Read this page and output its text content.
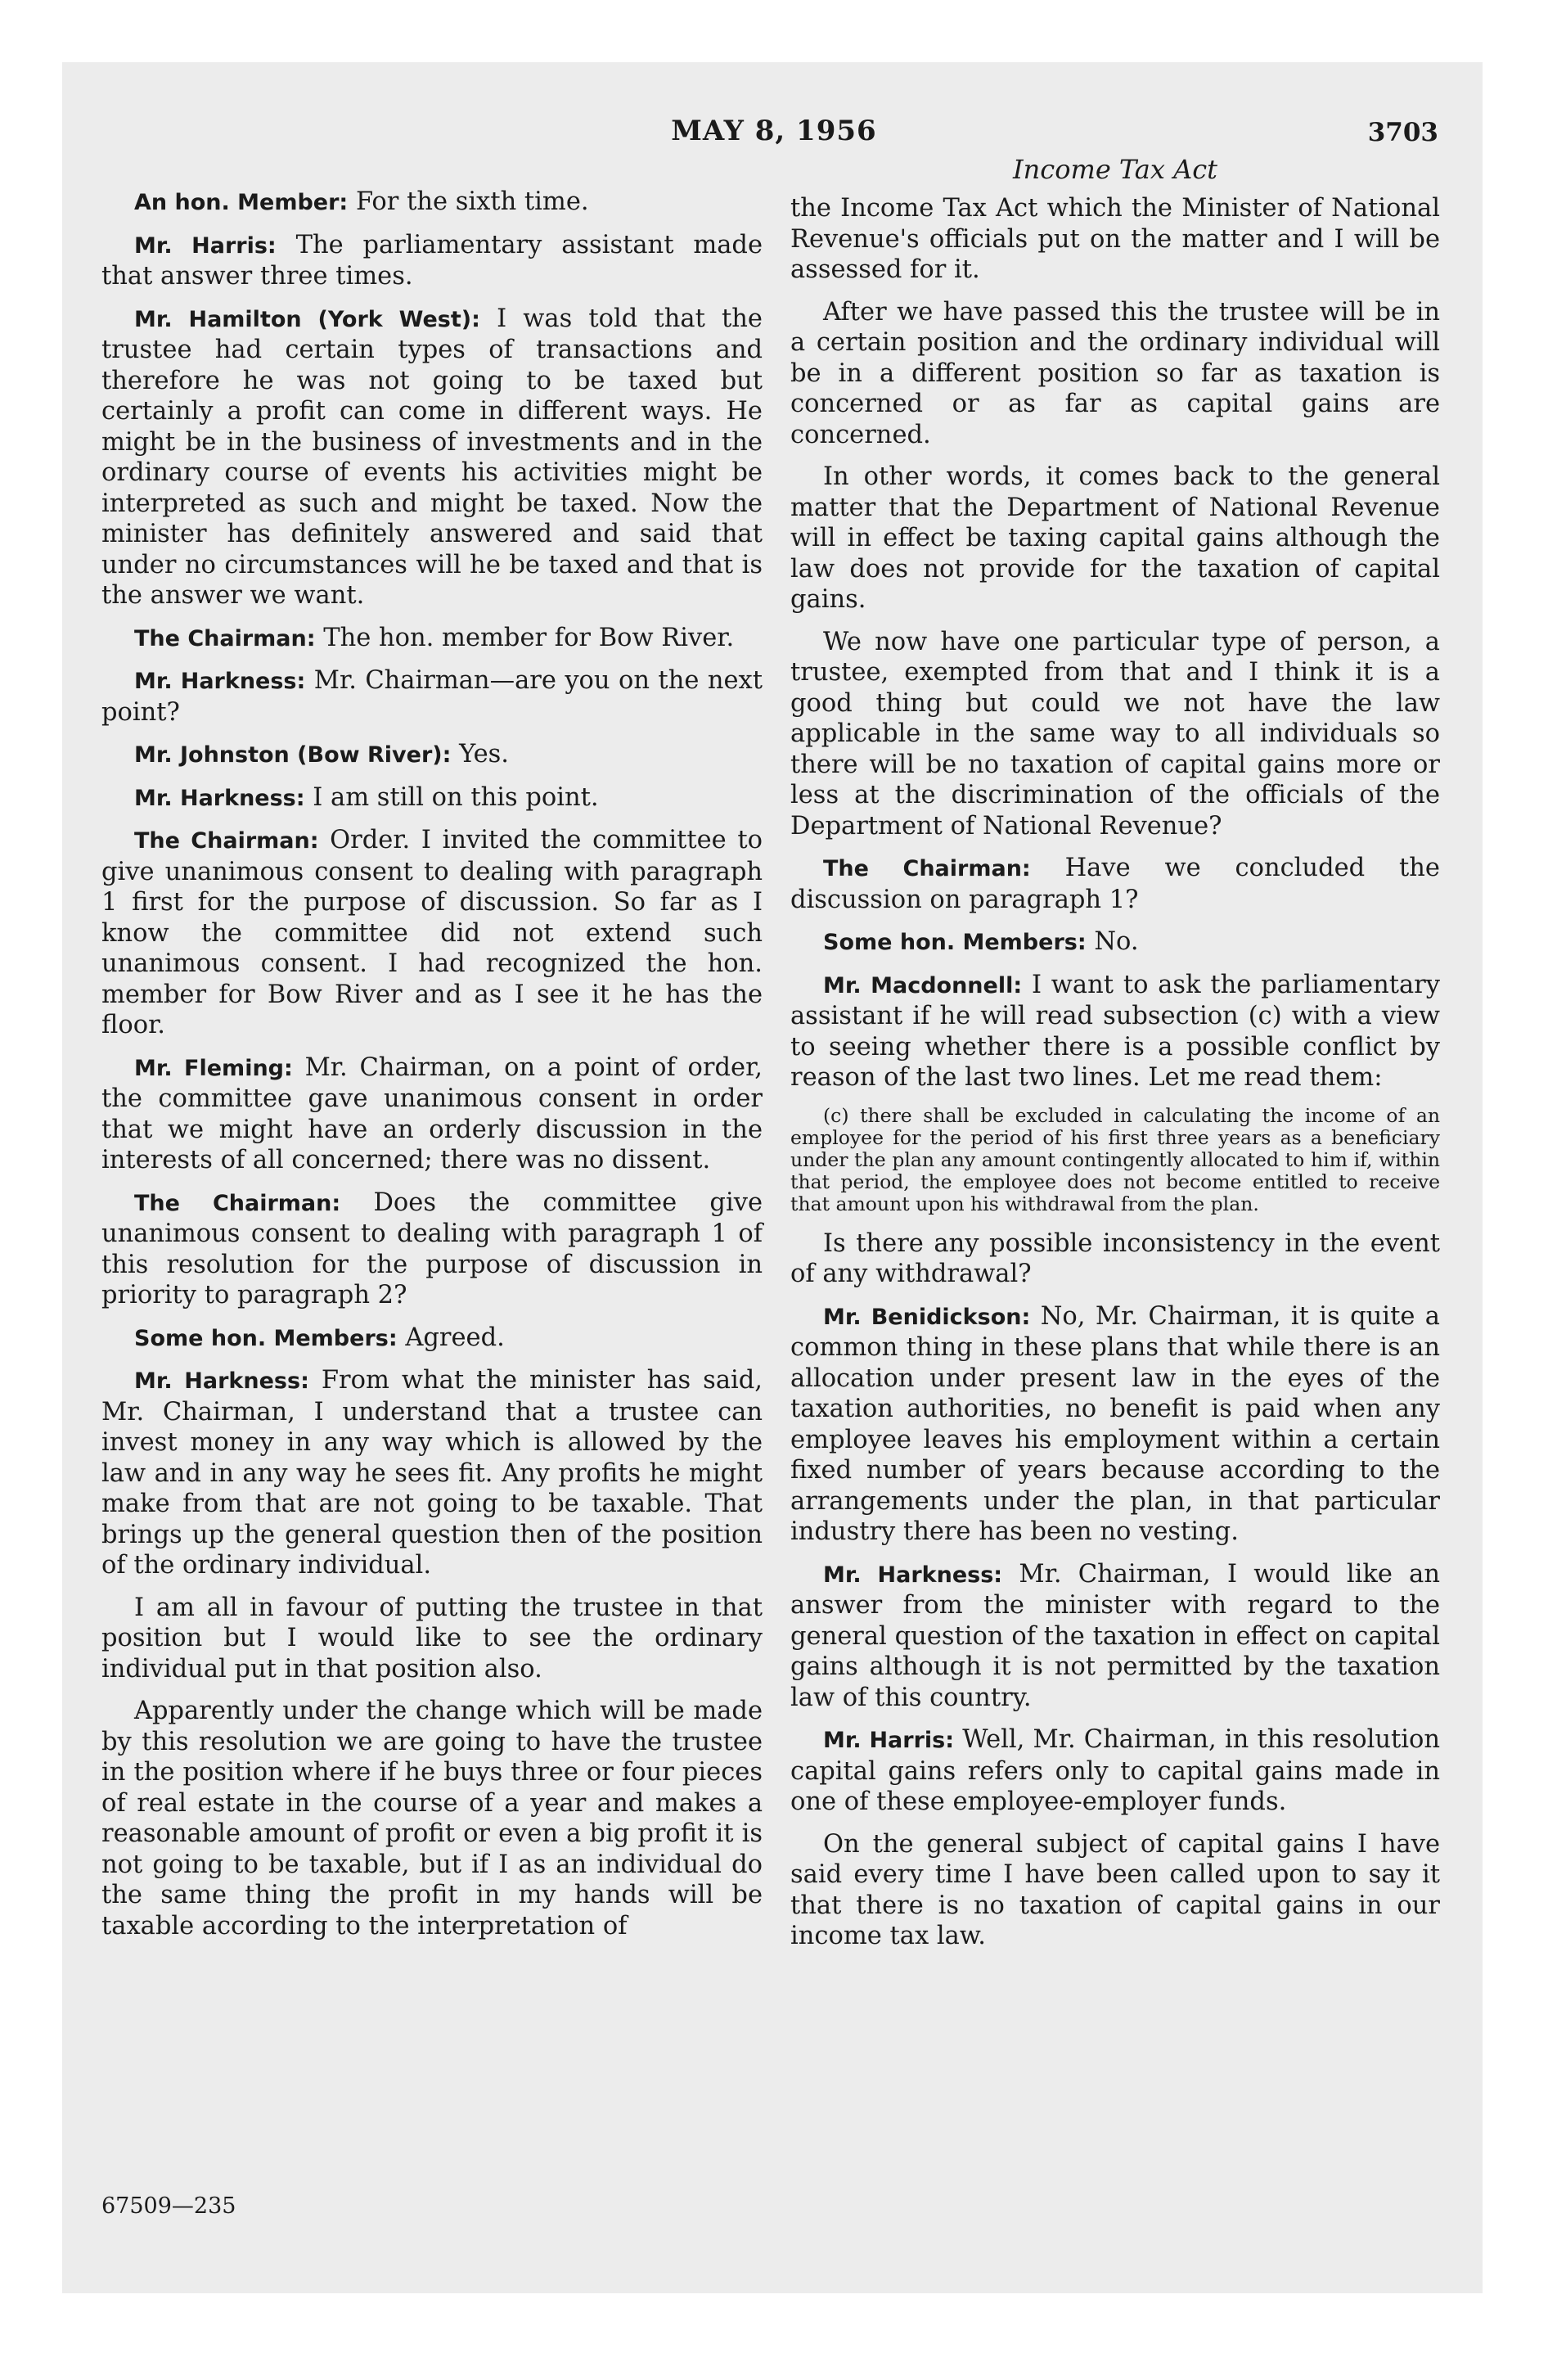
MAY 8, 1956	3703
Income Tax Act

An hon. Member: For the sixth time.

Mr. Harris: The parliamentary assistant made that answer three times.

Mr. Hamilton (York West): I was told that the trustee had certain types of transactions and therefore he was not going to be taxed but certainly a profit can come in different ways. He might be in the business of investments and in the ordinary course of events his activities might be interpreted as such and might be taxed. Now the minister has definitely answered and said that under no circumstances will he be taxed and that is the answer we want.

The Chairman: The hon. member for Bow River.

Mr. Harkness: Mr. Chairman—are you on the next point?

Mr. Johnston (Bow River): Yes.

Mr. Harkness: I am still on this point.

The Chairman: Order. I invited the committee to give unanimous consent to dealing with paragraph 1 first for the purpose of discussion. So far as I know the committee did not extend such unanimous consent. I had recognized the hon. member for Bow River and as I see it he has the floor.

Mr. Fleming: Mr. Chairman, on a point of order, the committee gave unanimous consent in order that we might have an orderly discussion in the interests of all concerned; there was no dissent.

The Chairman: Does the committee give unanimous consent to dealing with paragraph 1 of this resolution for the purpose of discussion in priority to paragraph 2?

Some hon. Members: Agreed.

Mr. Harkness: From what the minister has said, Mr. Chairman, I understand that a trustee can invest money in any way which is allowed by the law and in any way he sees fit. Any profits he might make from that are not going to be taxable. That brings up the general question then of the position of the ordinary individual.

I am all in favour of putting the trustee in that position but I would like to see the ordinary individual put in that position also.

Apparently under the change which will be made by this resolution we are going to have the trustee in the position where if he buys three or four pieces of real estate in the course of a year and makes a reasonable amount of profit or even a big profit it is not going to be taxable, but if I as an individual do the same thing the profit in my hands will be taxable according to the interpretation of

the Income Tax Act which the Minister of National Revenue's officials put on the matter and I will be assessed for it.

After we have passed this the trustee will be in a certain position and the ordinary individual will be in a different position so far as taxation is concerned or as far as capital gains are concerned.

In other words, it comes back to the general matter that the Department of National Revenue will in effect be taxing capital gains although the law does not provide for the taxation of capital gains.

We now have one particular type of person, a trustee, exempted from that and I think it is a good thing but could we not have the law applicable in the same way to all individuals so there will be no taxation of capital gains more or less at the discrimination of the officials of the Department of National Revenue?

The Chairman: Have we concluded the discussion on paragraph 1?

Some hon. Members: No.

Mr. Macdonnell: I want to ask the parliamentary assistant if he will read subsection (c) with a view to seeing whether there is a possible conflict by reason of the last two lines. Let me read them:

(c) there shall be excluded in calculating the income of an employee for the period of his first three years as a beneficiary under the plan any amount contingently allocated to him if, within that period, the employee does not become entitled to receive that amount upon his withdrawal from the plan.

Is there any possible inconsistency in the event of any withdrawal?

Mr. Benidickson: No, Mr. Chairman, it is quite a common thing in these plans that while there is an allocation under present law in the eyes of the taxation authorities, no benefit is paid when any employee leaves his employment within a certain fixed number of years because according to the arrangements under the plan, in that particular industry there has been no vesting.

Mr. Harkness: Mr. Chairman, I would like an answer from the minister with regard to the general question of the taxation in effect on capital gains although it is not permitted by the taxation law of this country.

Mr. Harris: Well, Mr. Chairman, in this resolution capital gains refers only to capital gains made in one of these employee-employer funds.

On the general subject of capital gains I have said every time I have been called upon to say it that there is no taxation of capital gains in our income tax law.

67509—235
